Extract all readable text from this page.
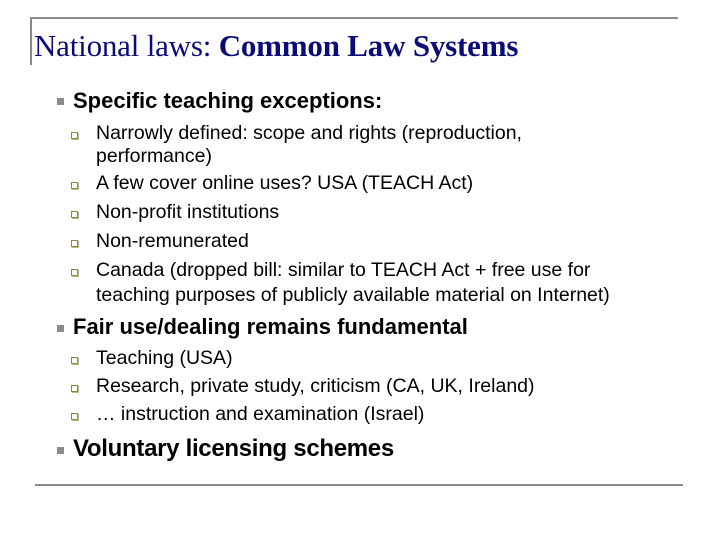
National laws: Common Law Systems
Specific teaching exceptions:
Narrowly defined: scope and rights (reproduction,
performance)
A few cover online uses? USA (TEACH Act)
Non-profit institutions
Non-remunerated
Canada (dropped bill: similar to TEACH Act + free use for
teaching purposes of publicly available material on Internet)
Fair use/dealing remains fundamental
Teaching (USA)
Research, private study, criticism (CA, UK, Ireland)
… instruction and examination (Israel)
Voluntary licensing schemes
